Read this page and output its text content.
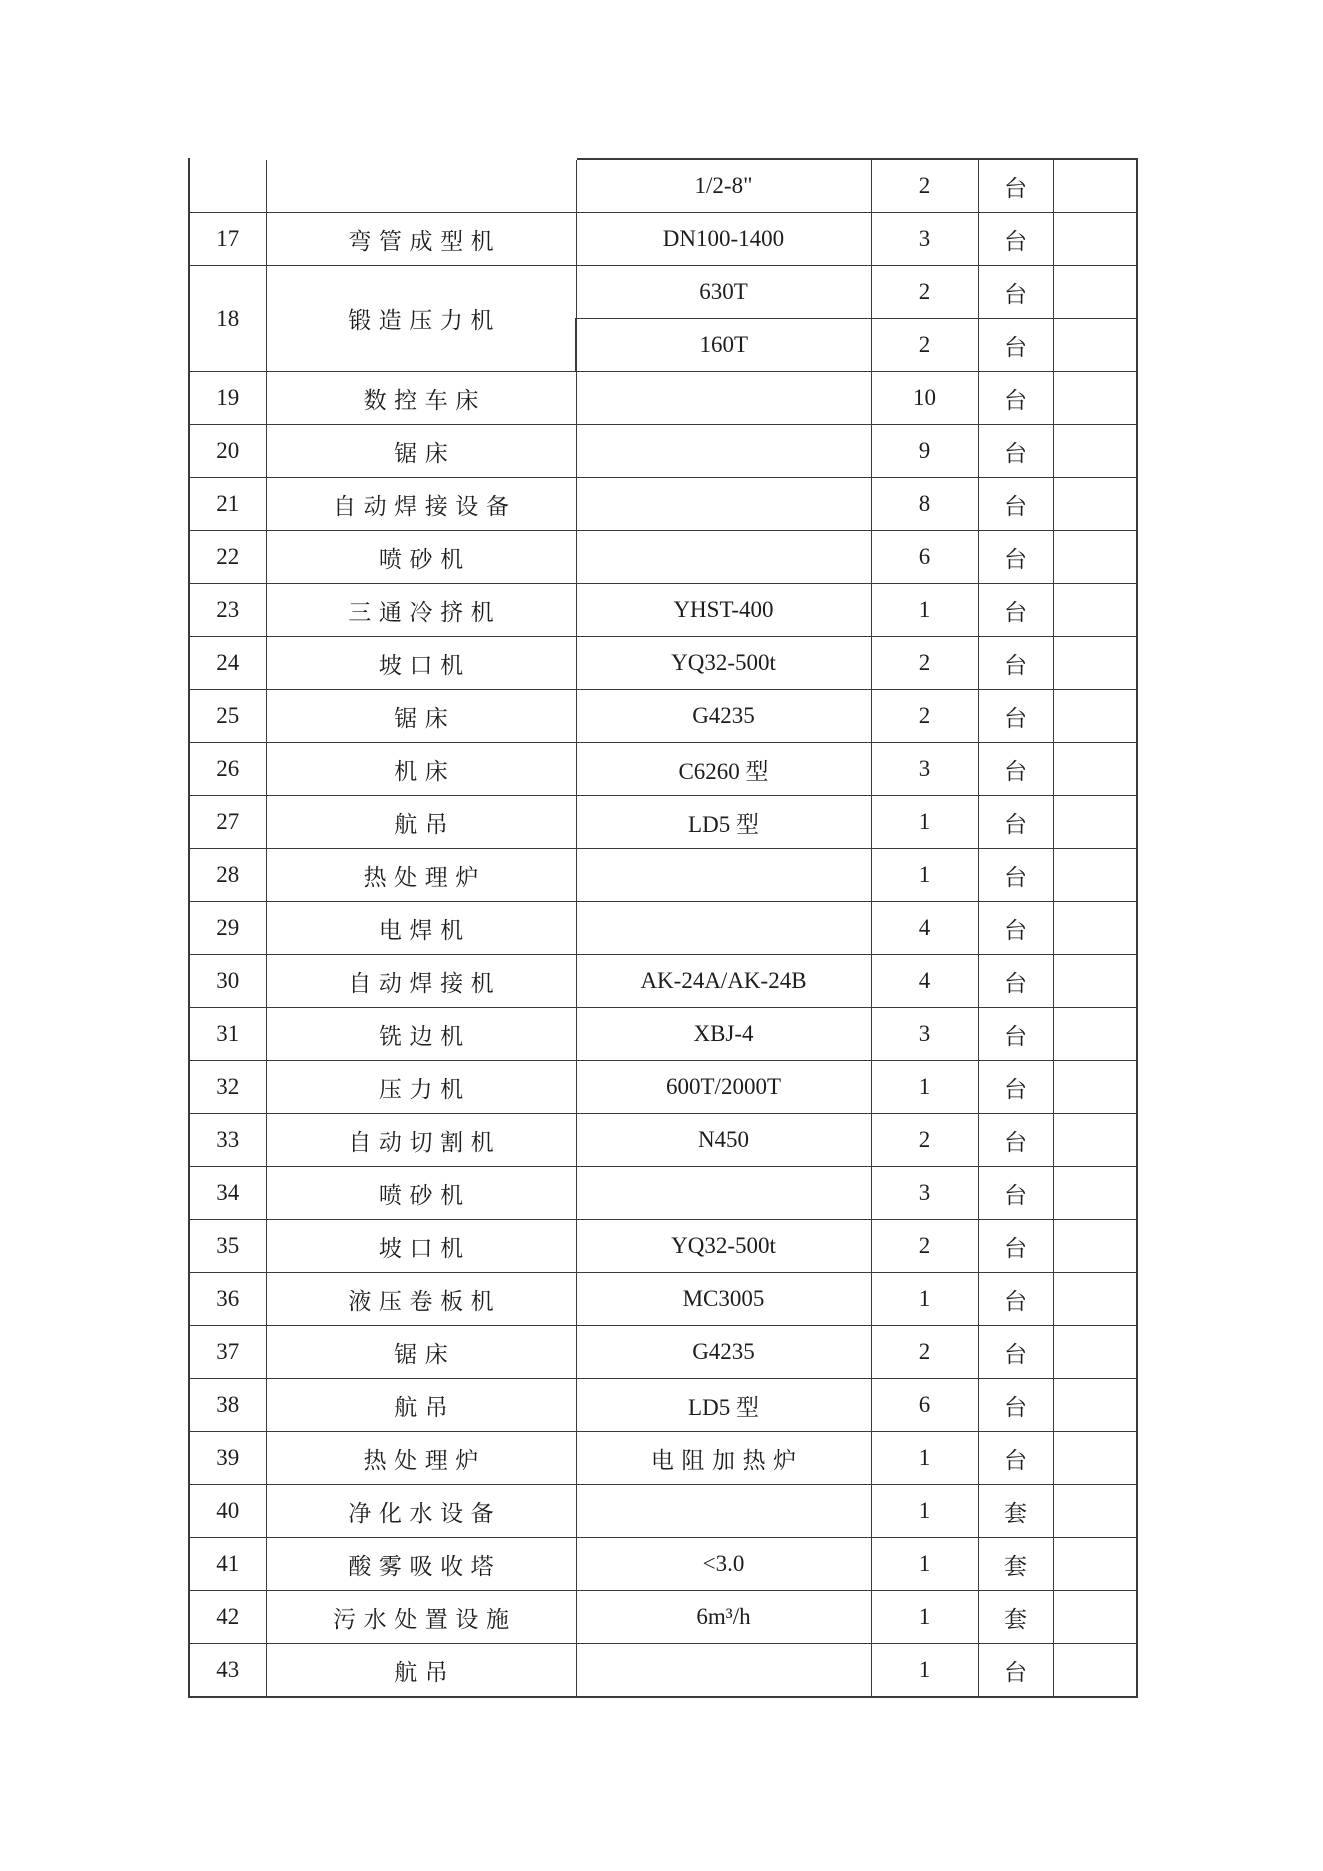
		1/2-8"	2	台	
17	弯管成型机	DN100-1400	3	台	
18	锻造压力机	630T	2	台	
		160T	2	台	
19	数控车床		10	台	
20	锯床		9	台	
21	自动焊接设备		8	台	
22	喷砂机		6	台	
23	三通冷挤机	YHST-400	1	台	
24	坡口机	YQ32-500t	2	台	
25	锯床	G4235	2	台	
26	机床	C6260 型	3	台	
27	航吊	LD5 型	1	台	
28	热处理炉		1	台	
29	电焊机		4	台	
30	自动焊接机	AK-24A/AK-24B	4	台	
31	铣边机	XBJ-4	3	台	
32	压力机	600T/2000T	1	台	
33	自动切割机	N450	2	台	
34	喷砂机		3	台	
35	坡口机	YQ32-500t	2	台	
36	液压卷板机	MC3005	1	台	
37	锯床	G4235	2	台	
38	航吊	LD5 型	6	台	
39	热处理炉	电阻加热炉	1	台	
40	净化水设备		1	套	
41	酸雾吸收塔	<3.0	1	套	
42	污水处置设施	6m³/h	1	套	
43	航吊		1	台	
